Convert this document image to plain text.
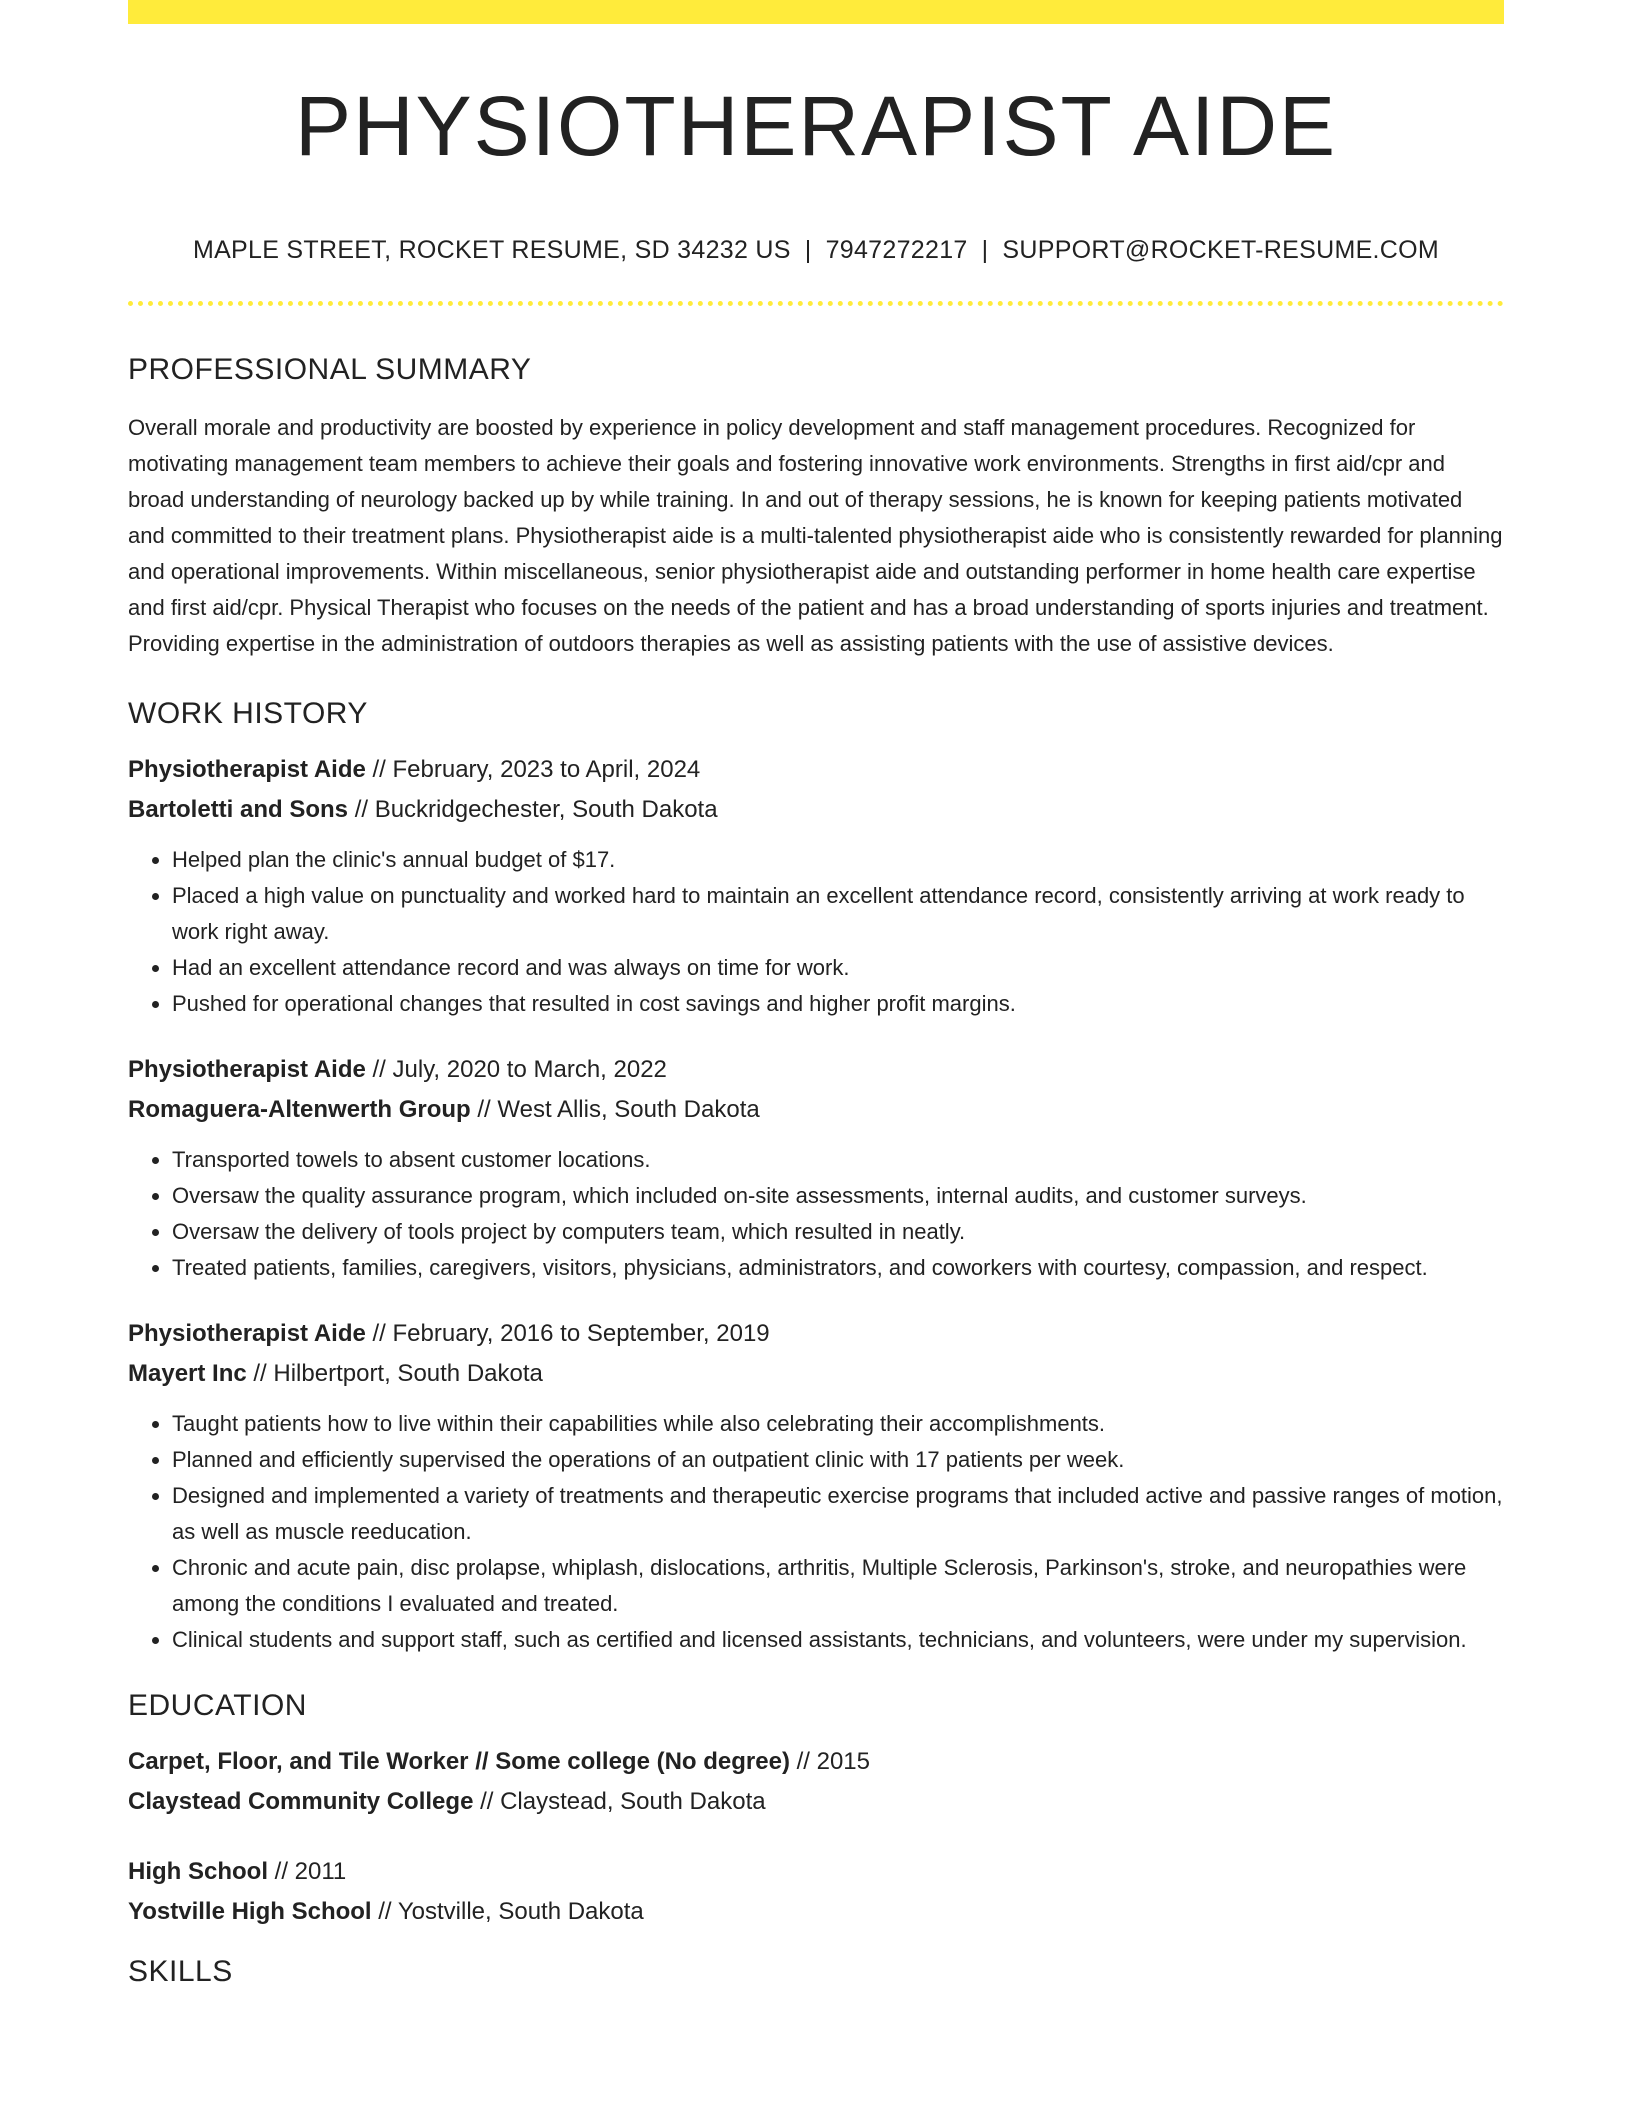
PHYSIOTHERAPIST AIDE
MAPLE STREET, ROCKET RESUME, SD 34232 US | 7947272217 | SUPPORT@ROCKET-RESUME.COM
PROFESSIONAL SUMMARY

Overall morale and productivity are boosted by experience in policy development and staff management procedures. Recognized for motivating management team members to achieve their goals and fostering innovative work environments. Strengths in first aid/cpr and broad understanding of neurology backed up by while training. In and out of therapy sessions, he is known for keeping patients motivated and committed to their treatment plans. Physiotherapist aide is a multi-talented physiotherapist aide who is consistently rewarded for planning and operational improvements. Within miscellaneous, senior physiotherapist aide and outstanding performer in home health care expertise and first aid/cpr. Physical Therapist who focuses on the needs of the patient and has a broad understanding of sports injuries and treatment. Providing expertise in the administration of outdoors therapies as well as assisting patients with the use of assistive devices.

WORK HISTORY

Physiotherapist Aide // February, 2023 to April, 2024

Bartoletti and Sons // Buckridgechester, South Dakota

• Helped plan the clinic's annual budget of $17.
• Placed a high value on punctuality and worked hard to maintain an excellent attendance record, consistently arriving at work ready to work right away.
• Had an excellent attendance record and was always on time for work.
• Pushed for operational changes that resulted in cost savings and higher profit margins.

Physiotherapist Aide // July, 2020 to March, 2022

Romaguera-Altenwerth Group // West Allis, South Dakota

• Transported towels to absent customer locations.
• Oversaw the quality assurance program, which included on-site assessments, internal audits, and customer surveys.
• Oversaw the delivery of tools project by computers team, which resulted in neatly.
• Treated patients, families, caregivers, visitors, physicians, administrators, and coworkers with courtesy, compassion, and respect.

Physiotherapist Aide // February, 2016 to September, 2019

Mayert Inc // Hilbertport, South Dakota

• Taught patients how to live within their capabilities while also celebrating their accomplishments.
• Planned and efficiently supervised the operations of an outpatient clinic with 17 patients per week.
• Designed and implemented a variety of treatments and therapeutic exercise programs that included active and passive ranges of motion, as well as muscle reeducation.
• Chronic and acute pain, disc prolapse, whiplash, dislocations, arthritis, Multiple Sclerosis, Parkinson's, stroke, and neuropathies were among the conditions I evaluated and treated.
• Clinical students and support staff, such as certified and licensed assistants, technicians, and volunteers, were under my supervision.
EDUCATION

Carpet, Floor, and Tile Worker // Some college (No degree) // 2015

Claystead Community College // Claystead, South Dakota

High School // 2011

Yostville High School // Yostville, South Dakota

SKILLS
